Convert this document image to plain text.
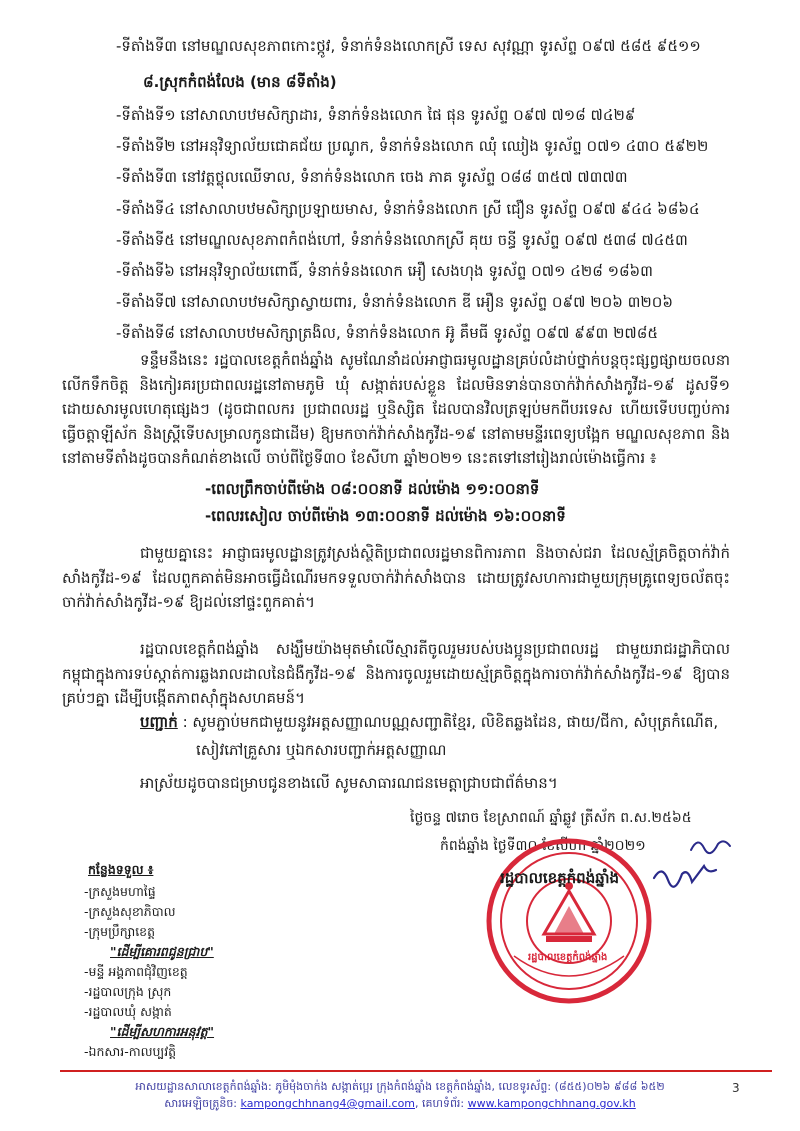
-ទីតាំងទី៣ នៅមណ្ឌលសុខភាពកោះថ្កូវ, ទំនាក់ទំនងលោកស្រី ទេស សុវណ្ណា ទូរស័ព្ទ ០៩៧ ៥៨៥ ៩៥១១
៨.ស្រុកកំពង់លែង (មាន ៨ទីតាំង)
-ទីតាំងទី១ នៅសាលាបឋមសិក្សាដារ, ទំនាក់ទំនងលោក ផៃ ផុន ទូរស័ព្ទ ០៩៧ ៧១៨ ៧៤២៩
-ទីតាំងទី២ នៅអនុវិទ្យាល័យជោគជ័យ ប្រណូក, ទំនាក់ទំនងលោក ឈុំ ឈៀង ទូរស័ព្ទ ០៧១ ៤៣០ ៥៩២២
-ទីតាំងទី៣ នៅវត្តថ្លុលឈើទាល, ទំនាក់ទំនងលោក ចេង ភាគ ទូរស័ព្ទ ០៨៨ ៣៥៧ ៧៣៧៣
-ទីតាំងទី៤ នៅសាលាបឋមសិក្សាប្រឡាយមាស, ទំនាក់ទំនងលោក ស្រី ជឿន ទូរស័ព្ទ ០៩៧ ៩៤៤ ៦៨៦៤
-ទីតាំងទី៥ នៅមណ្ឌលសុខភាពកំពង់ហៅ, ទំនាក់ទំនងលោកស្រី គុយ ចន្ធី ទូរស័ព្ទ ០៩៧ ៥៣៨ ៧៤៥៣
-ទីតាំងទី៦ នៅអនុវិទ្យាល័យពោធិ៍, ទំនាក់ទំនងលោក អឿ សេងហុង ទូរស័ព្ទ ០៧១ ៤២៨ ១៨៦៣
-ទីតាំងទី៧ នៅសាលាបឋមសិក្សាស្វាយពារ, ទំនាក់ទំនងលោក ឌី អឿន ទូរស័ព្ទ ០៩៧ ២០៦ ៣២០៦
-ទីតាំងទី៨ នៅសាលាបឋមសិក្សាត្រងិល, ទំនាក់ទំនងលោក អ៊ូ គឹមធី ទូរស័ព្ទ ០៩៧ ៩៩៣ ២៧៨៥
ទន្ទឹមនឹងនេះ រដ្ឋបាលខេត្តកំពង់ឆ្នាំង សូមណែនាំដល់អាជ្ញាធរមូលដ្ឋានគ្រប់លំដាប់ថ្នាក់បន្តចុះផ្សព្វផ្សាយចលនាលើកទឹកចិត្ត និងកៀរគរប្រជាពលរដ្ឋនៅតាមភូមិ ឃុំ សង្កាត់របស់ខ្លួន ដែលមិនទាន់បានចាក់វ៉ាក់សាំងកូវីដ-១៩ ដូសទី១ ដោយសារមូលហេតុផ្សេងៗ (ដូចជាពលករ ប្រជាពលរដ្ឋ ឬនិស្សិត ដែលបានវិលត្រឡប់មកពីបរទេស ហើយទើបបញ្ចប់ការធ្វើចត្តាឡីស័ក និងស្ត្រីទើបសម្រាលកូនជាដើម) ឱ្យមកចាក់វ៉ាក់សាំងកូវីដ-១៩ នៅតាមមន្ទីរពេទ្យបង្អែក មណ្ឌលសុខភាព និងនៅតាមទីតាំងដូចបានកំណត់ខាងលើ ចាប់ពីថ្ងៃទី៣០ ខែសីហា ឆ្នាំ២០២១ នេះតទៅនៅរៀងរាល់ម៉ោងធ្វើការ ៖
-ពេលព្រឹកចាប់ពីម៉ោង ០៨:០០នាទី ដល់ម៉ោង ១១:០០នាទី
-ពេលរសៀល ចាប់ពីម៉ោង ១៣:០០នាទី ដល់ម៉ោង ១៦:០០នាទី
ជាមួយគ្នានេះ អាជ្ញាធរមូលដ្ឋានត្រូវស្រង់ស្ថិតិប្រជាពលរដ្ឋមានពិការភាព និងចាស់ជរា ដែលស្ម័គ្រចិត្តចាក់វ៉ាក់សាំងកូវីដ-១៩ ដែលពួកគាត់មិនអាចធ្វើដំណើរមកទទួលចាក់វ៉ាក់សាំងបាន ដោយត្រូវសហការជាមួយក្រុមគ្រូពេទ្យចល័តចុះចាក់វ៉ាក់សាំងកូវីដ-១៩ ឱ្យដល់នៅផ្ទះពួកគាត់។
រដ្ឋបាលខេត្តកំពង់ឆ្នាំង សង្ឃឹមយ៉ាងមុតមាំលើស្មារតីចូលរួមរបស់បងប្អូនប្រជាពលរដ្ឋ ជាមួយរាជរដ្ឋាភិបាលកម្ពុជាក្នុងការទប់ស្កាត់ការឆ្លងរាលដាលនៃជំងឺកូវីដ-១៩ និងការចូលរួមដោយស្ម័គ្រចិត្តក្នុងការចាក់វ៉ាក់សាំងកូវីដ-១៩ ឱ្យបានគ្រប់ៗគ្នា ដើម្បីបង្កើតភាពស៊ាំក្នុងសហគមន៍។
បញ្ជាក់ : សូមភ្ជាប់មកជាមួយនូវអត្តសញ្ញាណបណ្ណសញ្ជាតិខ្មែរ, លិខិតឆ្លងដែន, ផាយ/ជីកា, សំបុត្រកំណើត,
សៀវភៅគ្រួសារ ឬឯកសារបញ្ជាក់អត្តសញ្ញាណ
អាស្រ័យដូចបានជម្រាបជូនខាងលើ សូមសាធារណជនមេត្តាជ្រាបជាព័ត៌មាន។
ថ្ងៃចន្ទ ៧រោច ខែស្រាពណ៍ ឆ្នាំឆ្លូវ ត្រីស័ក ព.ស.២៥៦៥
កំពង់ឆ្នាំង ថ្ងៃទី៣០ ខែសីហា ឆ្នាំ២០២១
រដ្ឋបាលខេត្តកំពង់ឆ្នាំង
រដ្ឋបាលខេត្តកំពង់ឆ្នាំង
កន្លែងទទួល ៖
-ក្រសួងមហាផ្ទៃ
-ក្រសួងសុខាភិបាល
-ក្រុមប្រឹក្សាខេត្ត
"ដើម្បីគោរពជូនជ្រាប"
-មន្ទី អង្គភាពជុំវិញខេត្ត
-រដ្ឋបាលក្រុង ស្រុក
-រដ្ឋបាលឃុំ សង្កាត់
"ដើម្បីសហការអនុវត្ត"
-ឯកសារ-កាលប្បវត្តិ
អាសយដ្ឋានសាលាខេត្តកំពង់ឆ្នាំង: ភូមិមុំងចាក់ង សង្កាត់ប្អេរ ក្រុងកំពង់ឆ្នាំង ខេត្តកំពង់ឆ្នាំង, លេខទូរស័ព្ទ: (៨៥៥)០២៦ ៩៨៨ ៦៥២
សារអេឡិចត្រូនិច: kampongchhnang4@gmail.com, គេហទំព័រ: www.kampongchhnang.gov.kh
3
